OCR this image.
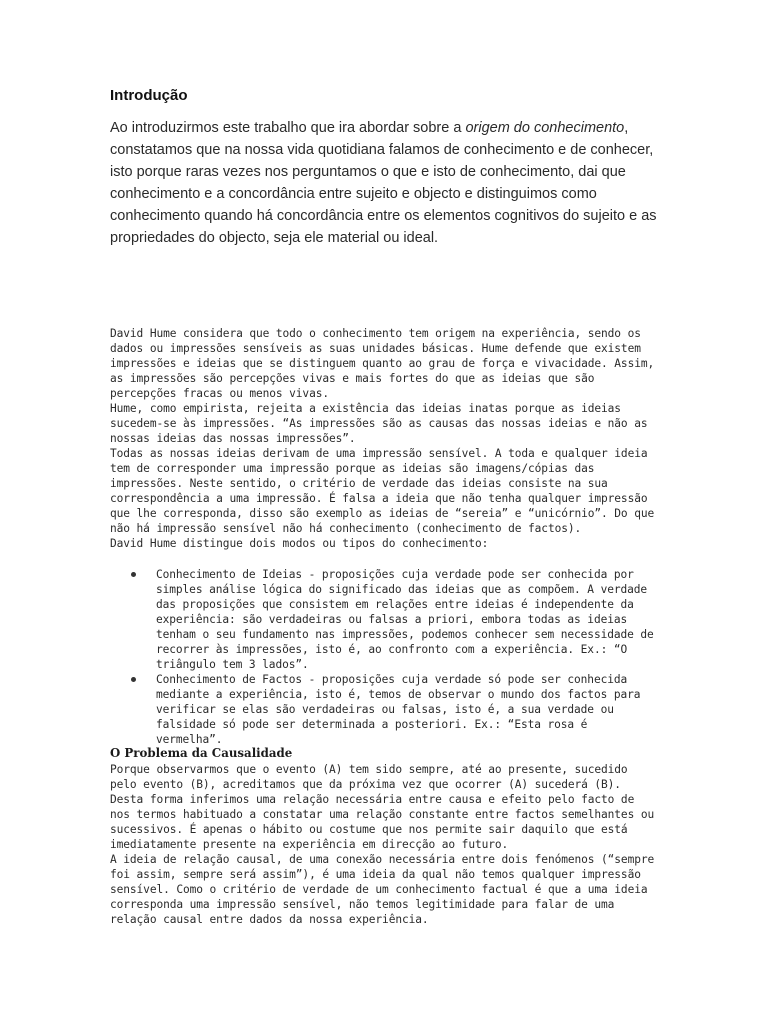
Introdução

Ao introduzirmos este trabalho que ira abordar sobre a origem do conhecimento, constatamos que na nossa vida quotidiana falamos de conhecimento e de conhecer, isto porque raras vezes nos perguntamos o que e isto de conhecimento, dai que conhecimento e a concordância entre sujeito e objecto e distinguimos como conhecimento quando há concordância entre os elementos cognitivos do sujeito e as propriedades do objecto, seja ele material ou ideal.

David Hume considera que todo o conhecimento tem origem na experiência, sendo os dados ou impressões sensíveis as suas unidades básicas. Hume defende que existem impressões e ideias que se distinguem quanto ao grau de força e vivacidade. Assim, as impressões são percepções vivas e mais fortes do que as ideias que são percepções fracas ou menos vivas.

Hume, como empirista, rejeita a existência das ideias inatas porque as ideias sucedem-se às impressões. “As impressões são as causas das nossas ideias e não as nossas ideias das nossas impressões”.

Todas as nossas ideias derivam de uma impressão sensível. A toda e qualquer ideia tem de corresponder uma impressão porque as ideias são imagens/cópias das impressões. Neste sentido, o critério de verdade das ideias consiste na sua correspondência a uma impressão. É falsa a ideia que não tenha qualquer impressão que lhe corresponda, disso são exemplo as ideias de “sereia” e “unicórnio”. Do que não há impressão sensível não há conhecimento (conhecimento de factos).

David Hume distingue dois modos ou tipos do conhecimento:

Conhecimento de Ideias - proposições cuja verdade pode ser conhecida por simples análise lógica do significado das ideias que as compõem. A verdade das proposições que consistem em relações entre ideias é independente da experiência: são verdadeiras ou falsas a priori, embora todas as ideias tenham o seu fundamento nas impressões, podemos conhecer sem necessidade de recorrer às impressões, isto é, ao confronto com a experiência. Ex.: “O triângulo tem 3 lados”.
Conhecimento de Factos - proposições cuja verdade só pode ser conhecida mediante a experiência, isto é, temos de observar o mundo dos factos para verificar se elas são verdadeiras ou falsas, isto é, a sua verdade ou falsidade só pode ser determinada a posteriori. Ex.: “Esta rosa é vermelha”.
O Problema da Causalidade

Porque observarmos que o evento (A) tem sido sempre, até ao presente, sucedido pelo evento (B), acreditamos que da próxima vez que ocorrer (A) sucederá (B).

Desta forma inferimos uma relação necessária entre causa e efeito pelo facto de nos termos habituado a constatar uma relação constante entre factos semelhantes ou sucessivos. É apenas o hábito ou costume que nos permite sair daquilo que está imediatamente presente na experiência em direcção ao futuro.

A ideia de relação causal, de uma conexão necessária entre dois fenómenos (“sempre foi assim, sempre será assim”), é uma ideia da qual não temos qualquer impressão sensível. Como o critério de verdade de um conhecimento factual é que a uma ideia corresponda uma impressão sensível, não temos legitimidade para falar de uma relação causal entre dados da nossa experiência.
